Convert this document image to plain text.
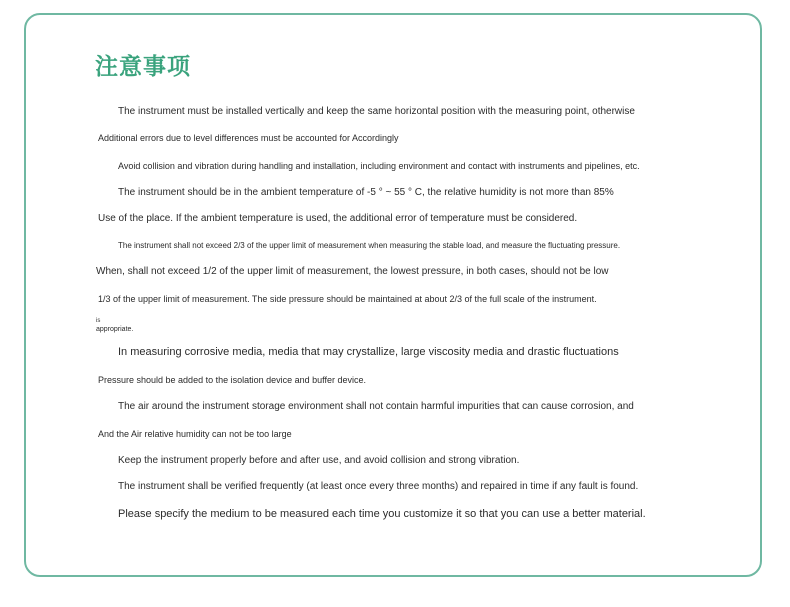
注意事项
The instrument must be installed vertically and keep the same horizontal position with the measuring point, otherwise
Additional errors due to level differences must be accounted for Accordingly
Avoid collision and vibration during handling and installation, including environment and contact with instruments and pipelines, etc.
The instrument should be in the ambient temperature of -5 ° ~ 55 ° C, the relative humidity is not more than 85%
Use of the place. If the ambient temperature is used, the additional error of temperature must be considered.
The instrument shall not exceed 2/3 of the upper limit of measurement when measuring the stable load, and measure the fluctuating pressure.
When, shall not exceed 1/2 of the upper limit of measurement, the lowest pressure, in both cases, should not be low
1/3 of the upper limit of measurement. The side pressure should be maintained at about 2/3 of the full scale of the instrument.
is
appropriate.
In measuring corrosive media, media that may crystallize, large viscosity media and drastic fluctuations
Pressure should be added to the isolation device and buffer device.
The air around the instrument storage environment shall not contain harmful impurities that can cause corrosion, and
And the Air relative humidity can not be too large
Keep the instrument properly before and after use, and avoid collision and strong vibration.
The instrument shall be verified frequently (at least once every three months) and repaired in time if any fault is found.
Please specify the medium to be measured each time you customize it so that you can use a better material.
